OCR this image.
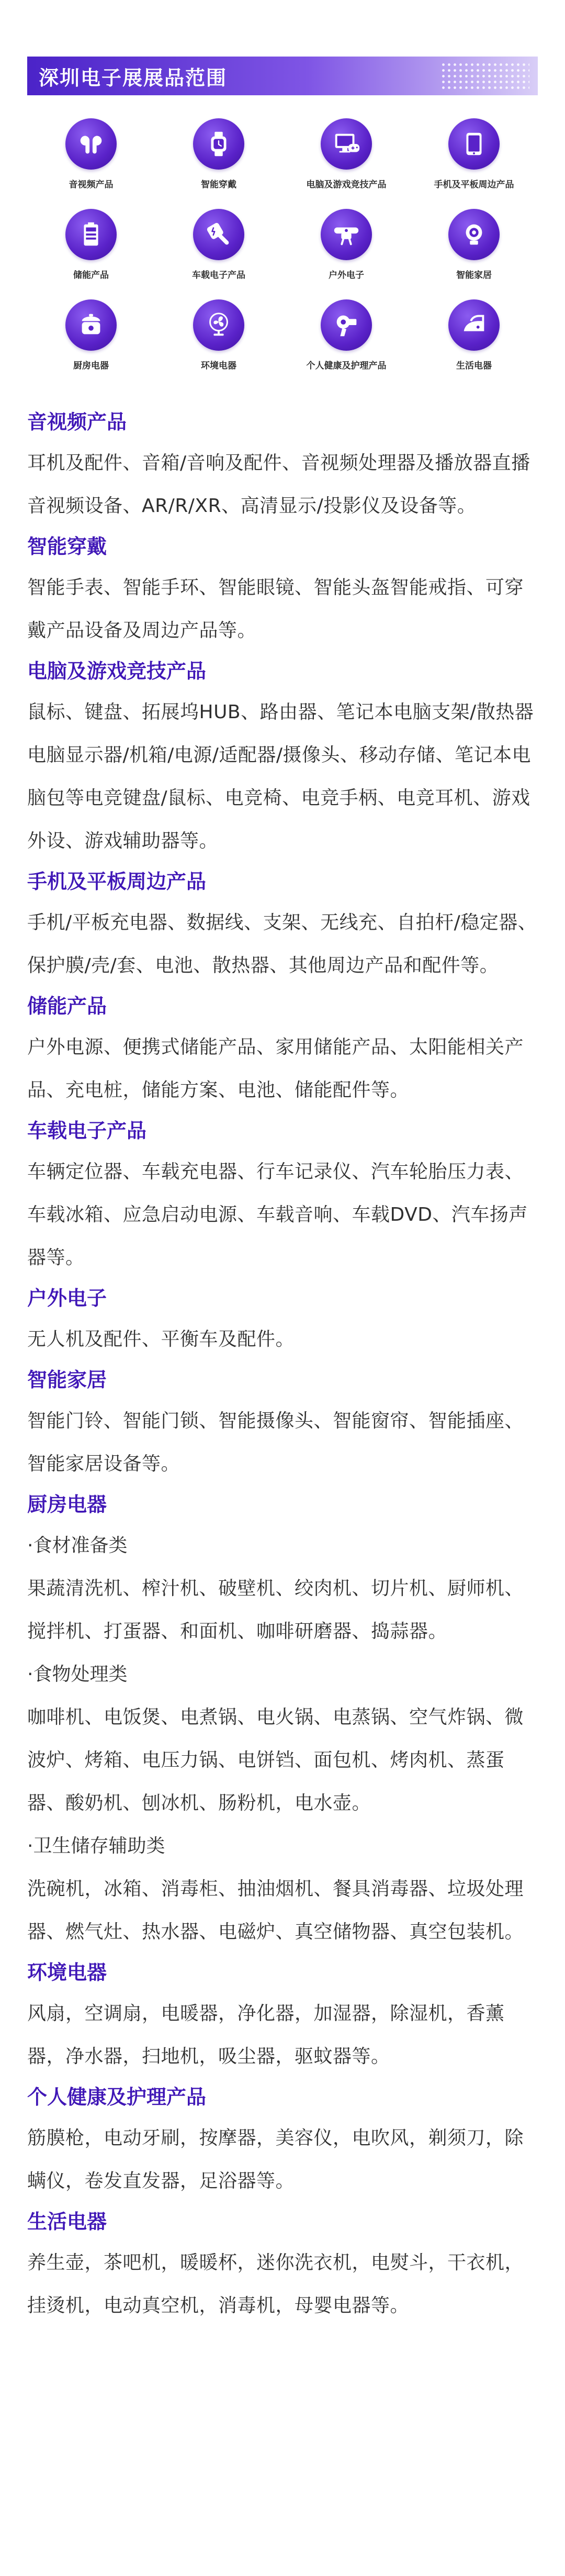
深圳电子展展品范围
音视频产品	智能穿戴	电脑及游戏竞技产品	手机及平板周边产品
储能产品	车载电子产品	户外电子	智能家居
厨房电器	环境电器	个人健康及护理产品	生活电器
音视频产品

耳机及配件、音箱/音响及配件、音视频处理器及播放器直播音视频设备、AR/R/XR、高清显示/投影仪及设备等。

智能穿戴

智能手表、智能手环、智能眼镜、智能头盔智能戒指、可穿戴产品设备及周边产品等。

电脑及游戏竞技产品

鼠标、键盘、拓展坞HUB、路由器、笔记本电脑支架/散热器电脑显示器/机箱/电源/适配器/摄像头、移动存储、笔记本电脑包等电竞键盘/鼠标、电竞椅、电竞手柄、电竞耳机、游戏外设、游戏辅助器等。

手机及平板周边产品

手机/平板充电器、数据线、支架、无线充、自拍杆/稳定器、保护膜/壳/套、电池、散热器、其他周边产品和配件等。

储能产品

户外电源、便携式储能产品、家用储能产品、太阳能相关产品、充电桩，储能方案、电池、储能配件等。

车载电子产品

车辆定位器、车载充电器、行车记录仪、汽车轮胎压力表、车载冰箱、应急启动电源、车载音响、车载DVD、汽车扬声器等。

户外电子

无人机及配件、平衡车及配件。

智能家居

智能门铃、智能门锁、智能摄像头、智能窗帘、智能插座、智能家居设备等。

厨房电器

·食材准备类

果蔬清洗机、榨汁机、破壁机、绞肉机、切片机、厨师机、搅拌机、打蛋器、和面机、咖啡研磨器、捣蒜器。

·食物处理类

咖啡机、电饭煲、电煮锅、电火锅、电蒸锅、空气炸锅、微波炉、烤箱、电压力锅、电饼铛、面包机、烤肉机、蒸蛋器、酸奶机、刨冰机、肠粉机，电水壶。

·卫生储存辅助类

洗碗机，冰箱、消毒柜、抽油烟机、餐具消毒器、垃圾处理器、燃气灶、热水器、电磁炉、真空储物器、真空包装机。

环境电器

风扇，空调扇，电暖器，净化器，加湿器，除湿机，香薰器，净水器，扫地机，吸尘器，驱蚊器等。

个人健康及护理产品

筋膜枪，电动牙刷，按摩器，美容仪，电吹风，剃须刀，除螨仪，卷发直发器，足浴器等。

生活电器

养生壶，茶吧机，暖暖杯，迷你洗衣机，电熨斗，干衣机，挂烫机，电动真空机，消毒机，母婴电器等。
